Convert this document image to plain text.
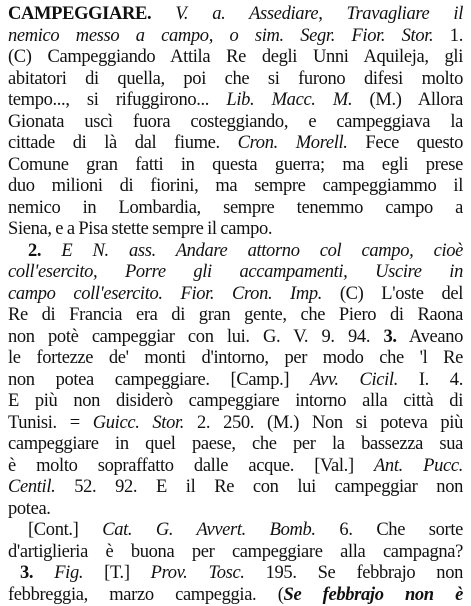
CAMPEGGIARE. V. a. Assediare, Travagliare il
nemico messo a campo, o sim. Segr. Fior. Stor. 1.
(C) Campeggiando Attila Re degli Unni Aquileja, gli
abitatori di quella, poi che si furono difesi molto
tempo..., si rifuggirono... Lib. Macc. M. (M.) Allora
Gionata uscì fuora costeggiando, e campeggiava la
cittade di là dal fiume. Cron. Morell. Fece questo
Comune gran fatti in questa guerra; ma egli prese
duo milioni di fiorini, ma sempre campeggiammo il
nemico in Lombardia, sempre tenemmo campo a
Siena, e a Pisa stette sempre il campo.
2. E N. ass. Andare attorno col campo, cioè
coll'esercito, Porre gli accampamenti, Uscire in
campo coll'esercito. Fior. Cron. Imp. (C) L'oste del
Re di Francia era di gran gente, che Piero di Raona
non potè campeggiar con lui. G. V. 9. 94. 3. Aveano
le fortezze de' monti d'intorno, per modo che 'l Re
non potea campeggiare. [Camp.] Avv. Cicil. I. 4.
E più non disiderò campeggiare intorno alla città di
Tunisi. = Guicc. Stor. 2. 250. (M.) Non si poteva più
campeggiare in quel paese, che per la bassezza sua
è molto sopraffatto dalle acque. [Val.] Ant. Pucc.
Centil. 52. 92. E il Re con lui campeggiar non
potea.
[Cont.] Cat. G. Avvert. Bomb. 6. Che sorte
d'artiglieria è buona per campeggiare alla campagna?
3. Fig. [T.] Prov. Tosc. 195. Se febbrajo non
febbreggia, marzo campeggia. (Se febbrajo non è
